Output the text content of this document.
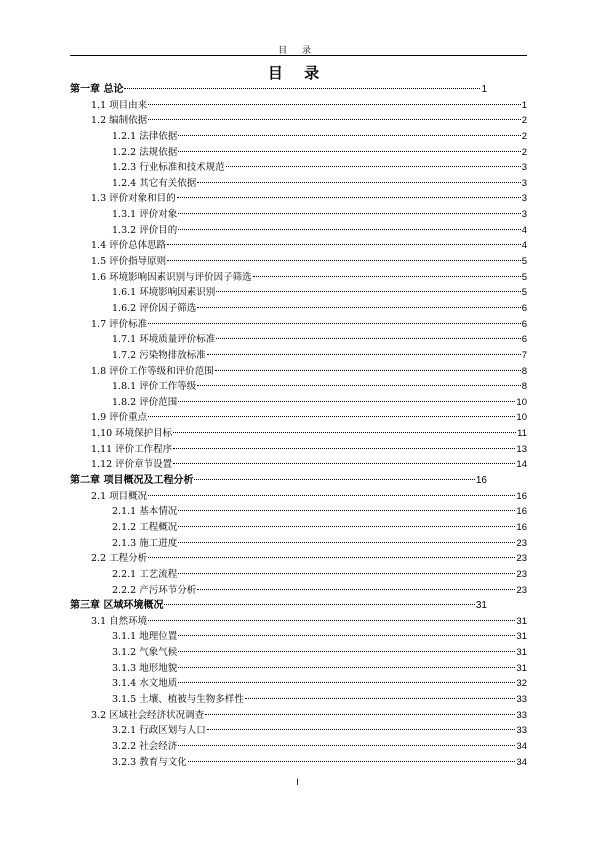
目 录
目 录
第一章 总论	1
1.1 项目由来	1
1.2 编制依据	2
1.2.1 法律依据	2
1.2.2 法规依据	2
1.2.3 行业标准和技术规范	3
1.2.4 其它有关依据	3
1.3 评价对象和目的	3
1.3.1 评价对象	3
1.3.2 评价目的	4
1.4 评价总体思路	4
1.5 评价指导原则	5
1.6 环境影响因素识别与评价因子筛选	5
1.6.1 环境影响因素识别	5
1.6.2 评价因子筛选	6
1.7 评价标准	6
1.7.1 环境质量评价标准	6
1.7.2 污染物排放标准	7
1.8 评价工作等级和评价范围	8
1.8.1 评价工作等级	8
1.8.2 评价范围	10
1.9 评价重点	10
1.10 环境保护目标	11
1.11 评价工作程序	13
1.12 评价章节设置	14
第二章 项目概况及工程分析	16
2.1 项目概况	16
2.1.1 基本情况	16
2.1.2 工程概况	16
2.1.3 施工进度	23
2.2 工程分析	23
2.2.1 工艺流程	23
2.2.2 产污环节分析	23
第三章 区域环境概况	31
3.1 自然环境	31
3.1.1 地理位置	31
3.1.2 气象气候	31
3.1.3 地形地貌	31
3.1.4 水文地质	32
3.1.5 土壤、植被与生物多样性	33
3.2 区域社会经济状况调查	33
3.2.1 行政区划与人口	33
3.2.2 社会经济	34
3.2.3 教育与文化	34
I
